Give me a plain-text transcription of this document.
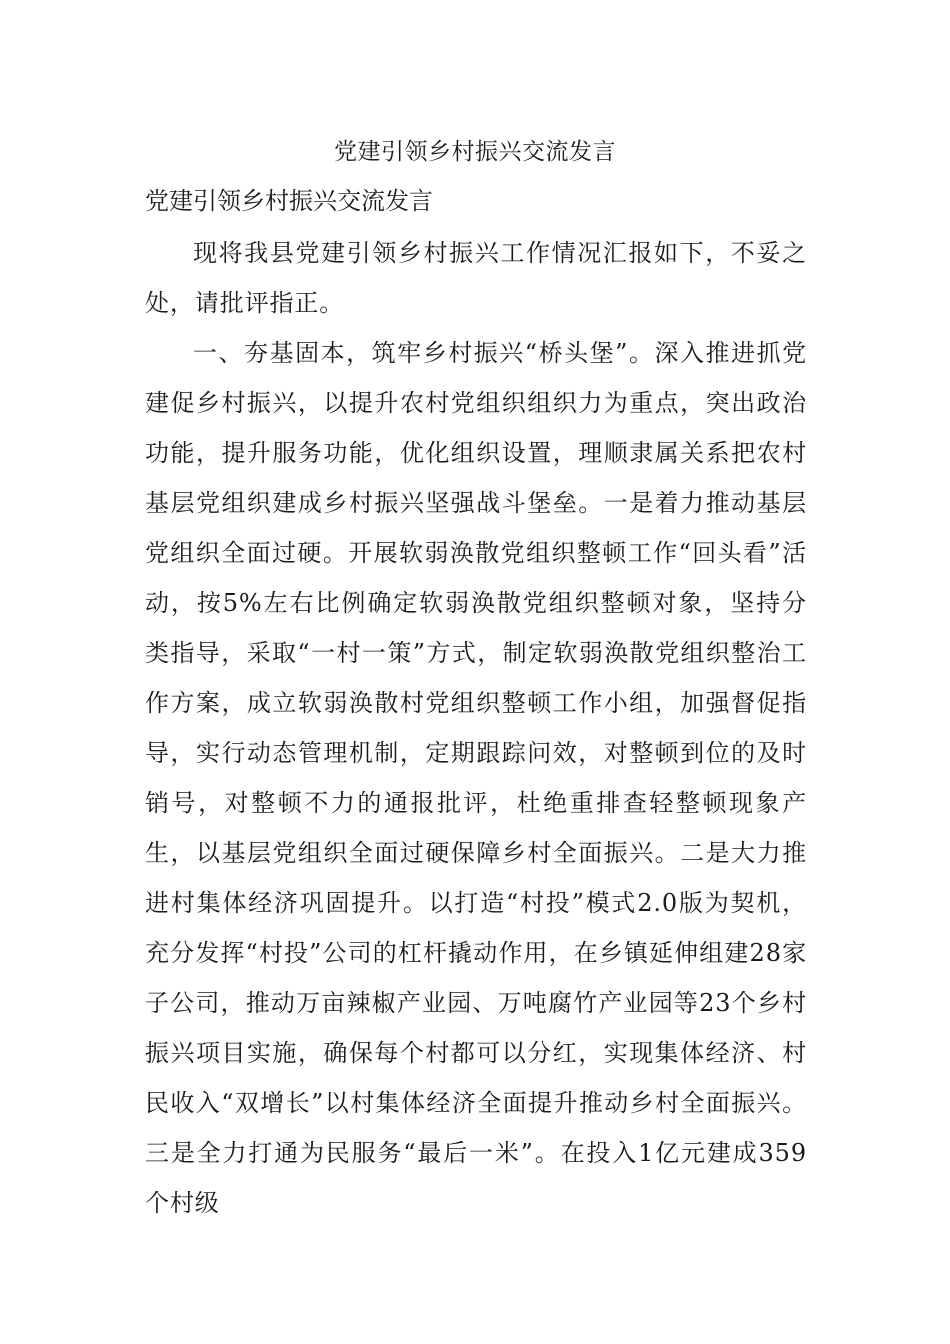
党建引领乡村振兴交流发言
党建引领乡村振兴交流发言

现将我县党建引领乡村振兴工作情况汇报如下，不妥之处，请批评指正。

一、夯基固本，筑牢乡村振兴“桥头堡”。深入推进抓党建促乡村振兴，以提升农村党组织组织力为重点，突出政治功能，提升服务功能，优化组织设置，理顺隶属关系把农村基层党组织建成乡村振兴坚强战斗堡垒。一是着力推动基层党组织全面过硬。开展软弱涣散党组织整顿工作“回头看”活动，按5%左右比例确定软弱涣散党组织整顿对象，坚持分类指导，采取“一村一策”方式，制定软弱涣散党组织整治工作方案，成立软弱涣散村党组织整顿工作小组，加强督促指导，实行动态管理机制，定期跟踪问效，对整顿到位的及时销号，对整顿不力的通报批评，杜绝重排查轻整顿现象产生，以基层党组织全面过硬保障乡村全面振兴。二是大力推进村集体经济巩固提升。以打造“村投”模式2.0版为契机，充分发挥“村投”公司的杠杆撬动作用，在乡镇延伸组建28家子公司，推动万亩辣椒产业园、万吨腐竹产业园等23个乡村振兴项目实施，确保每个村都可以分红，实现集体经济、村民收入“双增长”以村集体经济全面提升推动乡村全面振兴。三是全力打通为民服务“最后一米”。在投入1亿元建成359个村级
